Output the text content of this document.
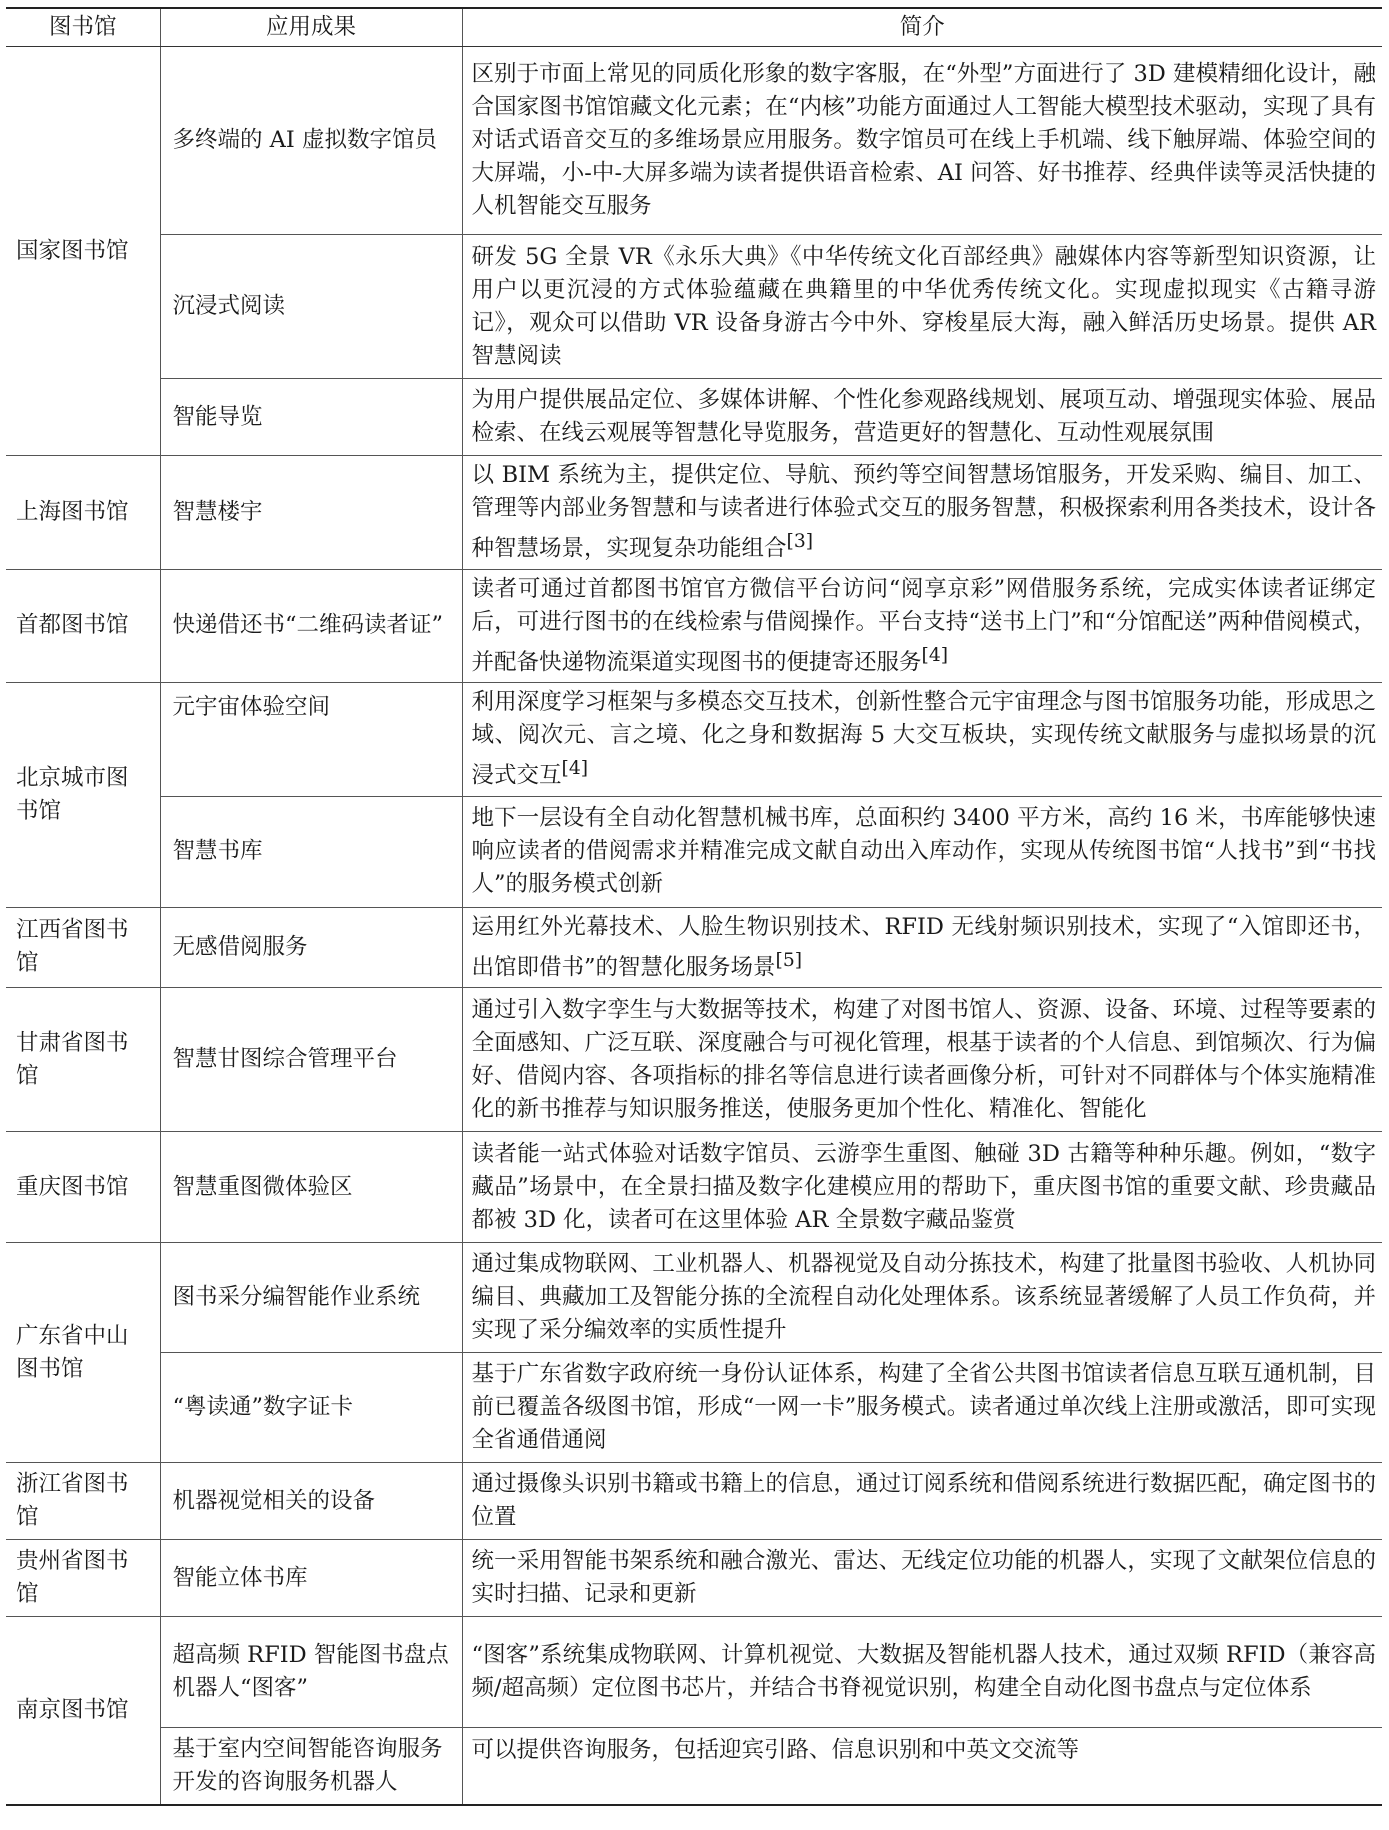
图书馆	应用成果	简介
国家图书馆	多终端的 AI 虚拟数字馆员	区别于市面上常见的同质化形象的数字客服，在“外型”方面进行了 3D 建模精细化设计，融合国家图书馆馆藏文化元素；在“内核”功能方面通过人工智能大模型技术驱动，实现了具有对话式语音交互的多维场景应用服务。数字馆员可在线上手机端、线下触屏端、体验空间的大屏端，小-中-大屏多端为读者提供语音检索、AI 问答、好书推荐、经典伴读等灵活快捷的人机智能交互服务
	沉浸式阅读	研发 5G 全景 VR《永乐大典》《中华传统文化百部经典》融媒体内容等新型知识资源，让用户以更沉浸的方式体验蕴藏在典籍里的中华优秀传统文化。实现虚拟现实《古籍寻游记》，观众可以借助 VR 设备身游古今中外、穿梭星辰大海，融入鲜活历史场景。提供 AR 智慧阅读
	智能导览	为用户提供展品定位、多媒体讲解、个性化参观路线规划、展项互动、增强现实体验、展品检索、在线云观展等智慧化导览服务，营造更好的智慧化、互动性观展氛围
上海图书馆	智慧楼宇	以 BIM 系统为主，提供定位、导航、预约等空间智慧场馆服务，开发采购、编目、加工、管理等内部业务智慧和与读者进行体验式交互的服务智慧，积极探索利用各类技术，设计各种智慧场景，实现复杂功能组合[3]
首都图书馆	快递借还书“二维码读者证”	读者可通过首都图书馆官方微信平台访问“阅享京彩”网借服务系统，完成实体读者证绑定后，可进行图书的在线检索与借阅操作。平台支持“送书上门”和“分馆配送”两种借阅模式，并配备快递物流渠道实现图书的便捷寄还服务[4]
北京城市图书馆	元宇宙体验空间	利用深度学习框架与多模态交互技术，创新性整合元宇宙理念与图书馆服务功能，形成思之域、阅次元、言之境、化之身和数据海 5 大交互板块，实现传统文献服务与虚拟场景的沉浸式交互[4]
	智慧书库	地下一层设有全自动化智慧机械书库，总面积约 3400 平方米，高约 16 米，书库能够快速响应读者的借阅需求并精准完成文献自动出入库动作，实现从传统图书馆“人找书”到“书找人”的服务模式创新
江西省图书馆	无感借阅服务	运用红外光幕技术、人脸生物识别技术、RFID 无线射频识别技术，实现了“入馆即还书，出馆即借书”的智慧化服务场景[5]
甘肃省图书馆	智慧甘图综合管理平台	通过引入数字孪生与大数据等技术，构建了对图书馆人、资源、设备、环境、过程等要素的全面感知、广泛互联、深度融合与可视化管理，根基于读者的个人信息、到馆频次、行为偏好、借阅内容、各项指标的排名等信息进行读者画像分析，可针对不同群体与个体实施精准化的新书推荐与知识服务推送，使服务更加个性化、精准化、智能化
重庆图书馆	智慧重图微体验区	读者能一站式体验对话数字馆员、云游孪生重图、触碰 3D 古籍等种种乐趣。例如，“数字藏品”场景中，在全景扫描及数字化建模应用的帮助下，重庆图书馆的重要文献、珍贵藏品都被 3D 化，读者可在这里体验 AR 全景数字藏品鉴赏
广东省中山图书馆	图书采分编智能作业系统	通过集成物联网、工业机器人、机器视觉及自动分拣技术，构建了批量图书验收、人机协同编目、典藏加工及智能分拣的全流程自动化处理体系。该系统显著缓解了人员工作负荷，并实现了采分编效率的实质性提升
	“粤读通”数字证卡	基于广东省数字政府统一身份认证体系，构建了全省公共图书馆读者信息互联互通机制，目前已覆盖各级图书馆，形成“一网一卡”服务模式。读者通过单次线上注册或激活，即可实现全省通借通阅
浙江省图书馆	机器视觉相关的设备	通过摄像头识别书籍或书籍上的信息，通过订阅系统和借阅系统进行数据匹配，确定图书的位置
贵州省图书馆	智能立体书库	统一采用智能书架系统和融合激光、雷达、无线定位功能的机器人，实现了文献架位信息的实时扫描、记录和更新
南京图书馆	超高频 RFID 智能图书盘点机器人“图客”	“图客”系统集成物联网、计算机视觉、大数据及智能机器人技术，通过双频 RFID（兼容高频/超高频）定位图书芯片，并结合书脊视觉识别，构建全自动化图书盘点与定位体系
	基于室内空间智能咨询服务开发的咨询服务机器人	可以提供咨询服务，包括迎宾引路、信息识别和中英文交流等
